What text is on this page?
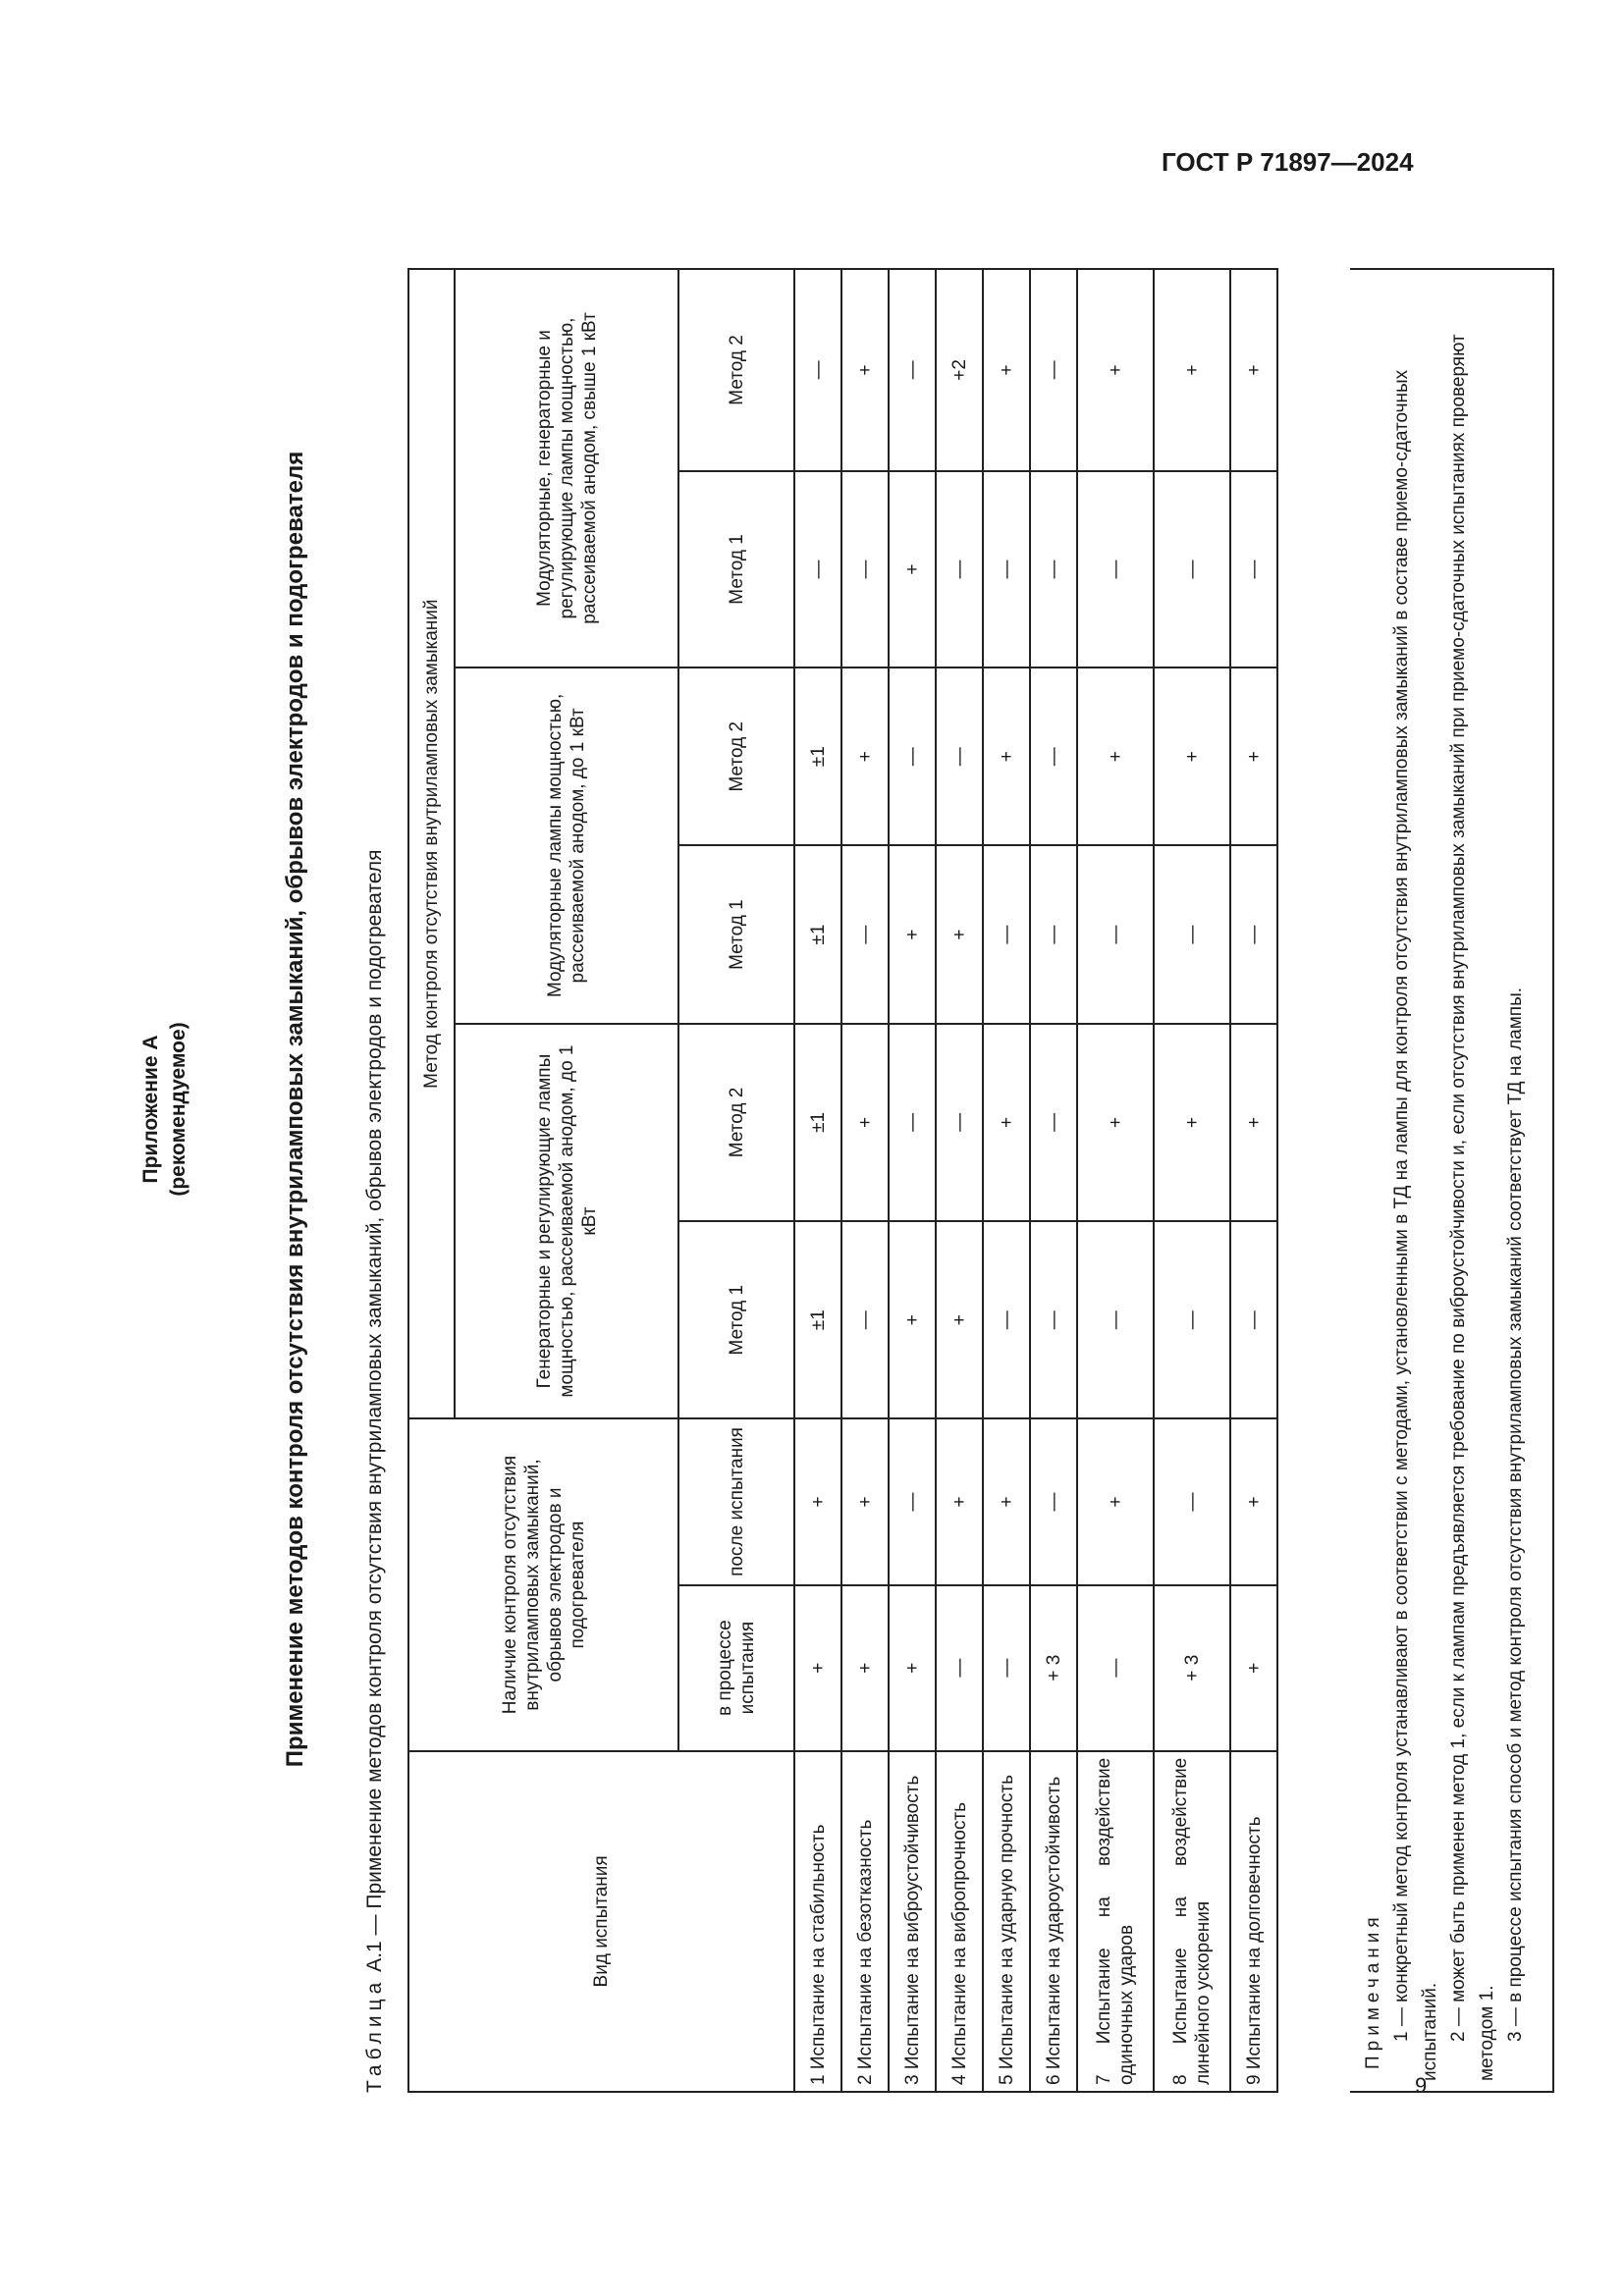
ГОСТ Р 71897—2024
9
Приложение А (рекомендуемое)	Применение методов контроля отсутствия внутриламповых замыканий, обрывов электродов и подогревателя
Таблица А.1 — Применение методов контроля отсутствия внутриламповых замыканий, обрывов электродов и подогревателя	Вид испытания	Наличие контроля отсутствия внутриламповых замыканий, обрывов электродов и подогревателя		Метод контроля отсутствия внутриламповых замыканий					
			Генераторные и регулирующие лампы мощностью, рассеиваемой анодом, до 1 кВт		Модуляторные лампы мощностью, рассеиваемой анодом, до 1 кВт		Модуляторные, генераторные и регулирующие лампы мощностью, рассеиваемой анодом, свыше 1 кВт	
	в процессе испытания	после испытания	Метод 1	Метод 2	Метод 1	Метод 2	Метод 1	Метод 2
1 Испытание на стабильность	+	+	±1	±1	±1	±1	—	—
2 Испытание на безотказность	+	+	—	+	—	+	—	+
3 Испытание на виброустойчивость	+	—	+	—	+	—	+	—
4 Испытание на вибропрочность	—	+	+	—	+	—	—	+2
5 Испытание на ударную прочность	—	+	—	+	—	+	—	+
6 Испытание на удароустойчивость	+ 3	—	—	—	—	—	—	—
7 Испытание на воздействие одиночных ударов	—	+	—	+	—	+	—	+
8 Испытание на воздействие линейного ускорения	+ 3	—	—	+	—	+	—	+
9 Испытание на долговечность	+	+	—	+	—	+	—	+
Примечания 1 — конкретный метод контроля устанавливают в соответствии с методами, установленными в ТД на лампы для контроля отсутствия внутриламповых замыканий в составе приемо-сдаточных испытаний. 2 — может быть применен метод 1, если к лампам предъявляется требование по виброустойчивости и, если отсутствия внутриламповых замыканий при приемо-сдаточных испытаниях проверяют методом 1. 3 — в процессе испытания способ и метод контроля отсутствия внутриламповых замыканий соответствует ТД на лампы.
